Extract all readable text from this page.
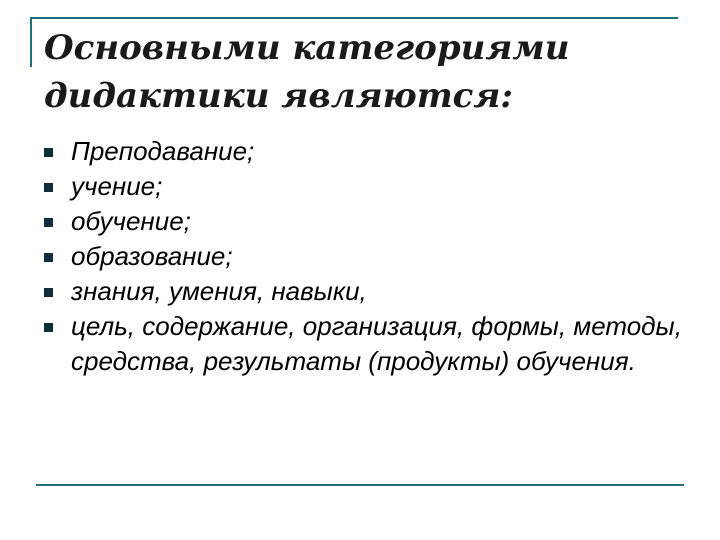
Основными категориями дидактики являются:
Преподавание;
учение;
обучение;
образование;
знания, умения, навыки,
цель, содержание, организация, формы, методы, средства, результаты (продукты) обучения.
